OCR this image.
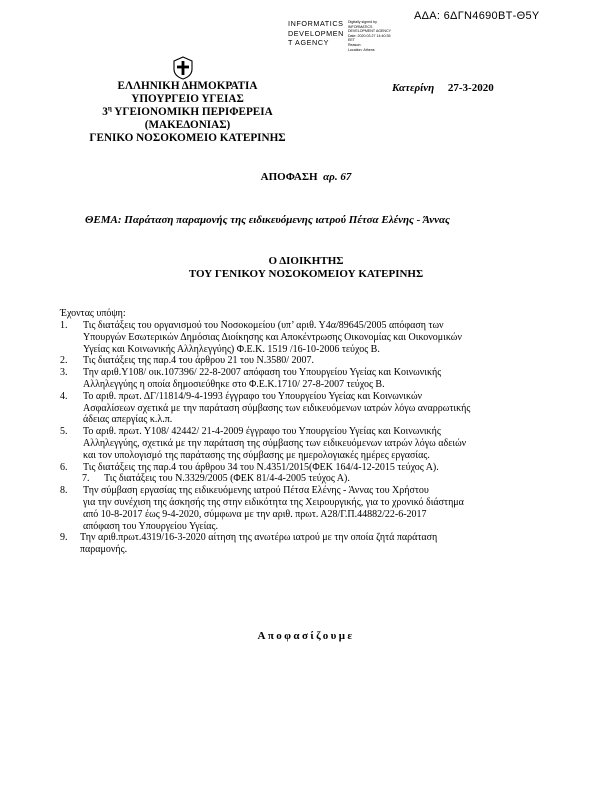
ΑΔΑ: 6ΔΓΝ4690ΒΤ-Θ5Υ
INFORMATICS
DEVELOPMEN
T AGENCY
Digitally signed by
INFORMATICS
DEVELOPMENT AGENCY
Date: 2020.03.27 14:40:35
EET
Reason:
Location: Athens
ΕΛΛΗΝΙΚΗ ΔΗΜΟΚΡΑΤΙΑ
ΥΠΟΥΡΓΕΙΟ ΥΓΕΙΑΣ
$3^\eta$ ΥΓΕΙΟΝΟΜΙΚΗ ΠΕΡΙΦΕΡΕΙΑ
(ΜΑΚΕΔΟΝΙΑΣ)
ΓΕΝΙΚΟ ΝΟΣΟΚΟΜΕΙΟ ΚΑΤΕΡΙΝΗΣ
Κατερίνη 27-3-2020
ΑΠΟΦΑΣΗ αρ. 67
ΘΕΜΑ: Παράταση παραμονής της ειδικευόμενης ιατρού Πέτσα Ελένης - Άννας
Ο ΔΙΟΙΚΗΤΗΣ
ΤΟΥ ΓΕΝΙΚΟΥ ΝΟΣΟΚΟΜΕΙΟΥ ΚΑΤΕΡΙΝΗΣ
Έχοντας υπόψη:
1.	Τις διατάξεις του οργανισμού του Νοσοκομείου (υπ’ αριθ. Υ4α/89645/2005 απόφαση των
Υπουργών Εσωτερικών Δημόσιας Διοίκησης και Αποκέντρωσης Οικονομίας και Οικονομικών
Υγείας και Κοινωνικής Αλληλεγγύης) Φ.Ε.Κ. 1519 /16-10-2006 τεύχος Β.
2.	Τις διατάξεις της παρ.4 του άρθρου 21 του Ν.3580/ 2007.
3.	Την αριθ.Υ108/ οικ.107396/ 22-8-2007 απόφαση του Υπουργείου Υγείας και Κοινωνικής
Αλληλεγγύης η οποία δημοσιεύθηκε στο Φ.Ε.Κ.1710/ 27-8-2007 τεύχος Β.
4.	Το αριθ. πρωτ. ΔΓ/11814/9-4-1993 έγγραφο του Υπουργείου Υγείας και Κοινωνικών
Ασφαλίσεων σχετικά με την παράταση σύμβασης των ειδικευόμενων ιατρών λόγω αναρρωτικής
άδειας απεργίας κ.λ.π.
5.	Το αριθ. πρωτ. Υ108/ 42442/ 21-4-2009 έγγραφο του Υπουργείου Υγείας και Κοινωνικής
Αλληλεγγύης, σχετικά με την παράταση της σύμβασης των ειδικευόμενων ιατρών λόγω αδειών
και τον υπολογισμό της παράτασης της σύμβασης με ημερολογιακές ημέρες εργασίας.
6.	Τις διατάξεις της παρ.4 του άρθρου 34 του Ν.4351/2015(ΦΕΚ 164/4-12-2015 τεύχος Α).
7.	Τις διατάξεις του Ν.3329/2005 (ΦΕΚ 81/4-4-2005 τεύχος Α).
8.	Την σύμβαση εργασίας της ειδικευόμενης ιατρού Πέτσα Ελένης - Άννας του Χρήστου
για την συνέχιση της άσκησής της στην ειδικότητα της Χειρουργικής, για το χρονικό διάστημα
από 10-8-2017 έως 9-4-2020, σύμφωνα με την αριθ. πρωτ. Α28/Γ.Π.44882/22-6-2017
απόφαση του Υπουργείου Υγείας.
9.	Την αριθ.πρωτ.4319/16-3-2020 αίτηση της ανωτέρω ιατρού με την οποία ζητά παράταση
παραμονής.
Αποφασίζουμε
